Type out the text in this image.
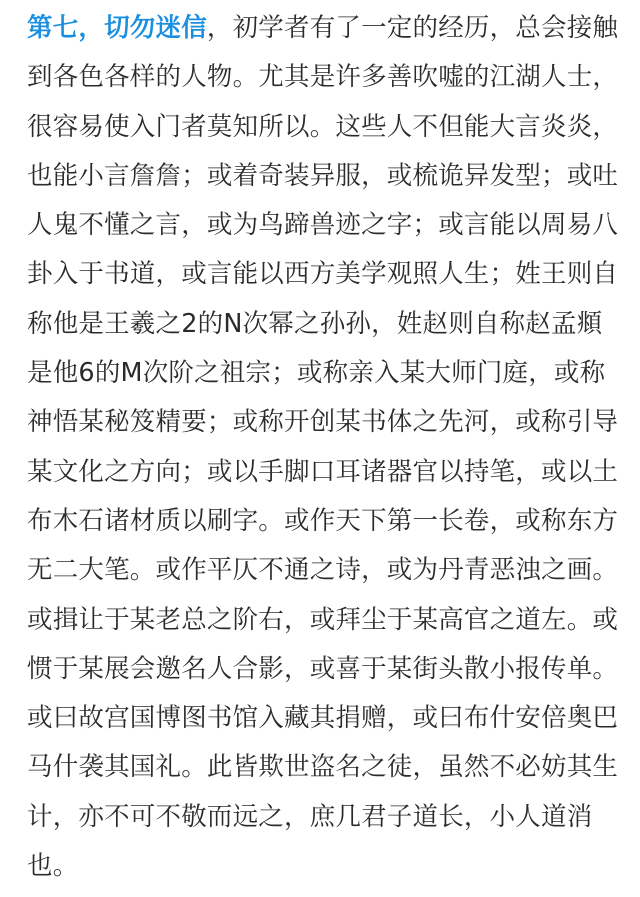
第七，切勿迷信，初学者有了一定的经历，总会接触
到各色各样的人物。尤其是许多善吹嘘的江湖人士，
很容易使入门者莫知所以。这些人不但能大言炎炎，
也能小言詹詹；或着奇装异服，或梳诡异发型；或吐
人鬼不懂之言，或为鸟蹄兽迹之字；或言能以周易八
卦入于书道，或言能以西方美学观照人生；姓王则自
称他是王羲之2的N次幂之孙孙，姓赵则自称赵孟頫
是他6的M次阶之祖宗；或称亲入某大师门庭，或称
神悟某秘笈精要；或称开创某书体之先河，或称引导
某文化之方向；或以手脚口耳诸器官以持笔，或以土
布木石诸材质以刷字。或作天下第一长卷，或称东方
无二大笔。或作平仄不通之诗，或为丹青恶浊之画。
或揖让于某老总之阶右，或拜尘于某高官之道左。或
惯于某展会邀名人合影，或喜于某街头散小报传单。
或曰故宫国博图书馆入藏其捐赠，或曰布什安倍奥巴
马什袭其国礼。此皆欺世盗名之徒，虽然不必妨其生
计，亦不可不敬而远之，庶几君子道长，小人道消
也。
